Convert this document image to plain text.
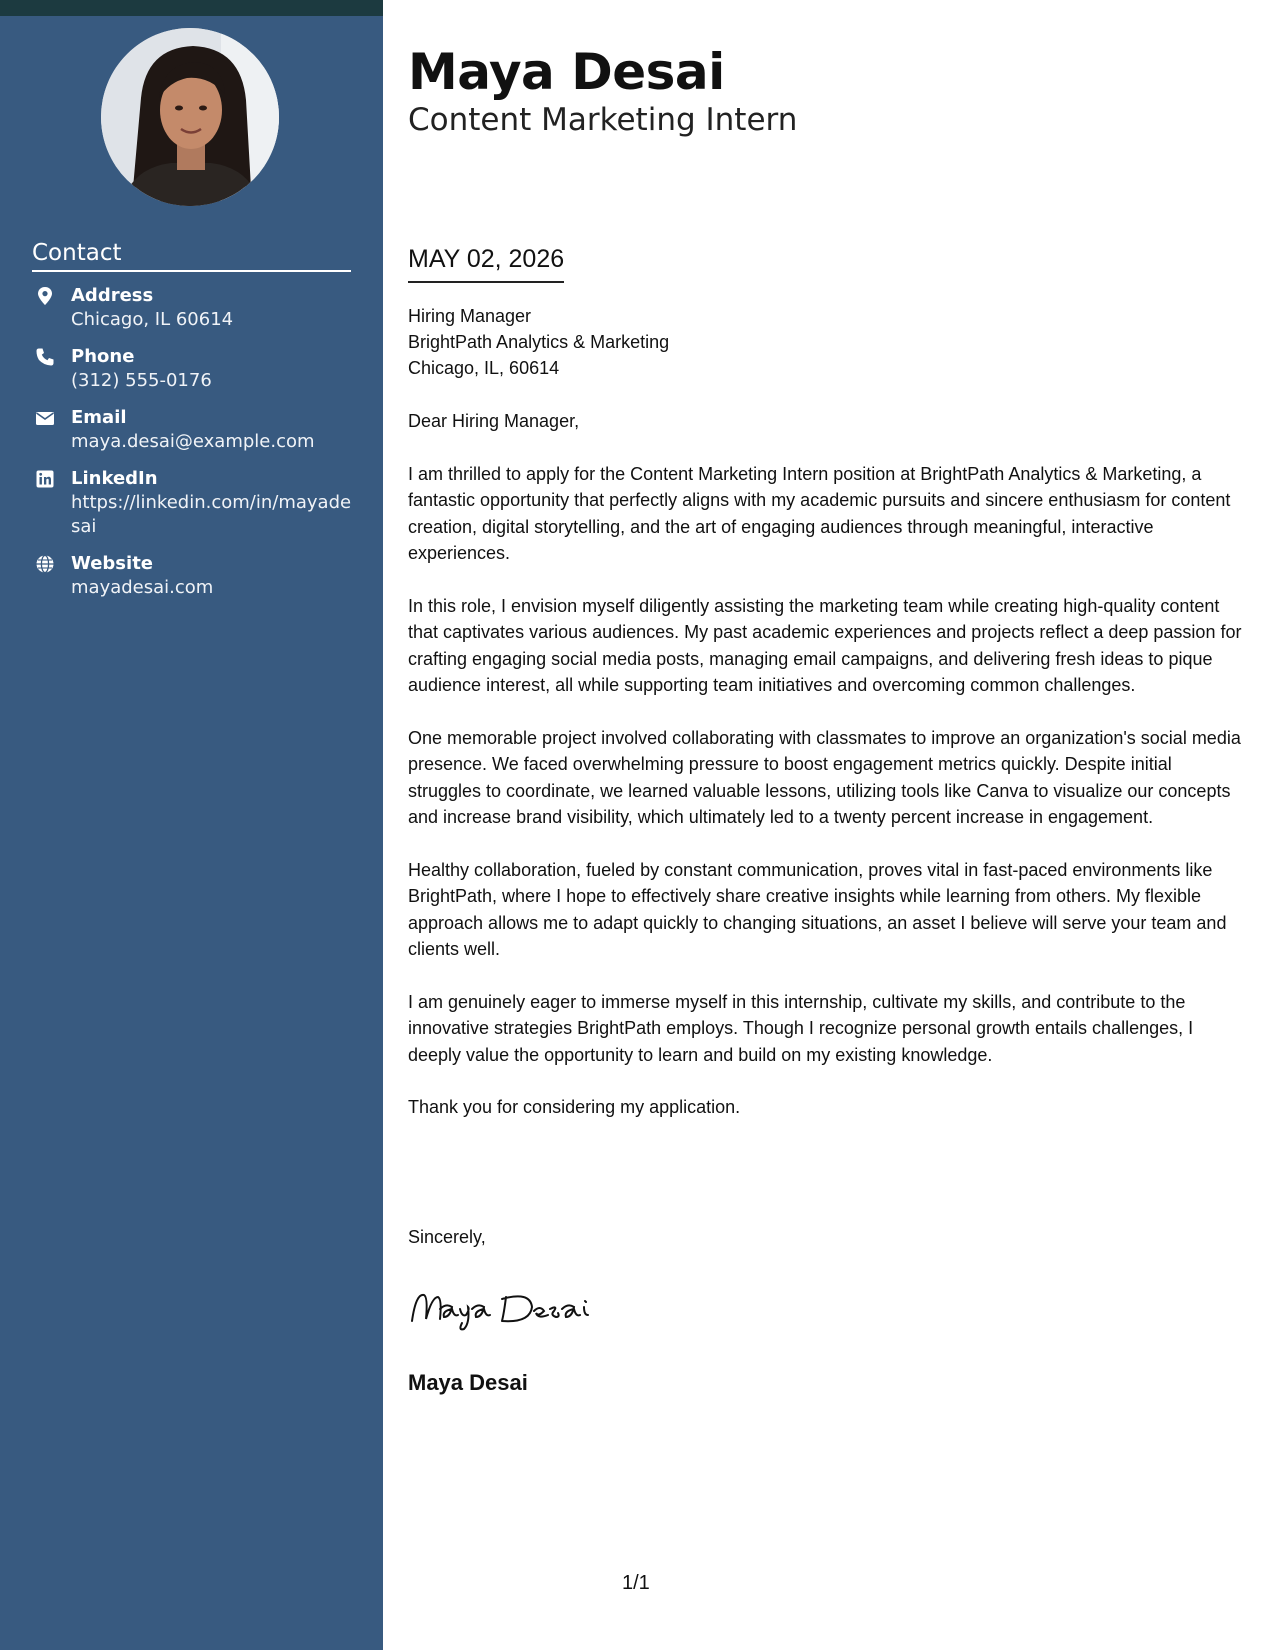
Contact
Address
Chicago, IL 60614
Phone
(312) 555-0176
Email
maya.desai@example.com
LinkedIn
https://linkedin.com/in/mayadesai
Website
mayadesai.com
Maya Desai
Content Marketing Intern
MAY 02, 2026
Hiring Manager
BrightPath Analytics & Marketing
Chicago, IL, 60614

Dear Hiring Manager,

I am thrilled to apply for the Content Marketing Intern position at BrightPath Analytics & Marketing, a fantastic opportunity that perfectly aligns with my academic pursuits and sincere enthusiasm for content creation, digital storytelling, and the art of engaging audiences through meaningful, interactive experiences.

In this role, I envision myself diligently assisting the marketing team while creating high-quality content that captivates various audiences. My past academic experiences and projects reflect a deep passion for crafting engaging social media posts, managing email campaigns, and delivering fresh ideas to pique audience interest, all while supporting team initiatives and overcoming common challenges.

One memorable project involved collaborating with classmates to improve an organization's social media presence. We faced overwhelming pressure to boost engagement metrics quickly. Despite initial struggles to coordinate, we learned valuable lessons, utilizing tools like Canva to visualize our concepts and increase brand visibility, which ultimately led to a twenty percent increase in engagement.

Healthy collaboration, fueled by constant communication, proves vital in fast-paced environments like BrightPath, where I hope to effectively share creative insights while learning from others. My flexible approach allows me to adapt quickly to changing situations, an asset I believe will serve your team and clients well.

I am genuinely eager to immerse myself in this internship, cultivate my skills, and contribute to the innovative strategies BrightPath employs. Though I recognize personal growth entails challenges, I deeply value the opportunity to learn and build on my existing knowledge.

Thank you for considering my application.

Sincerely,
Maya Desai
1/1
